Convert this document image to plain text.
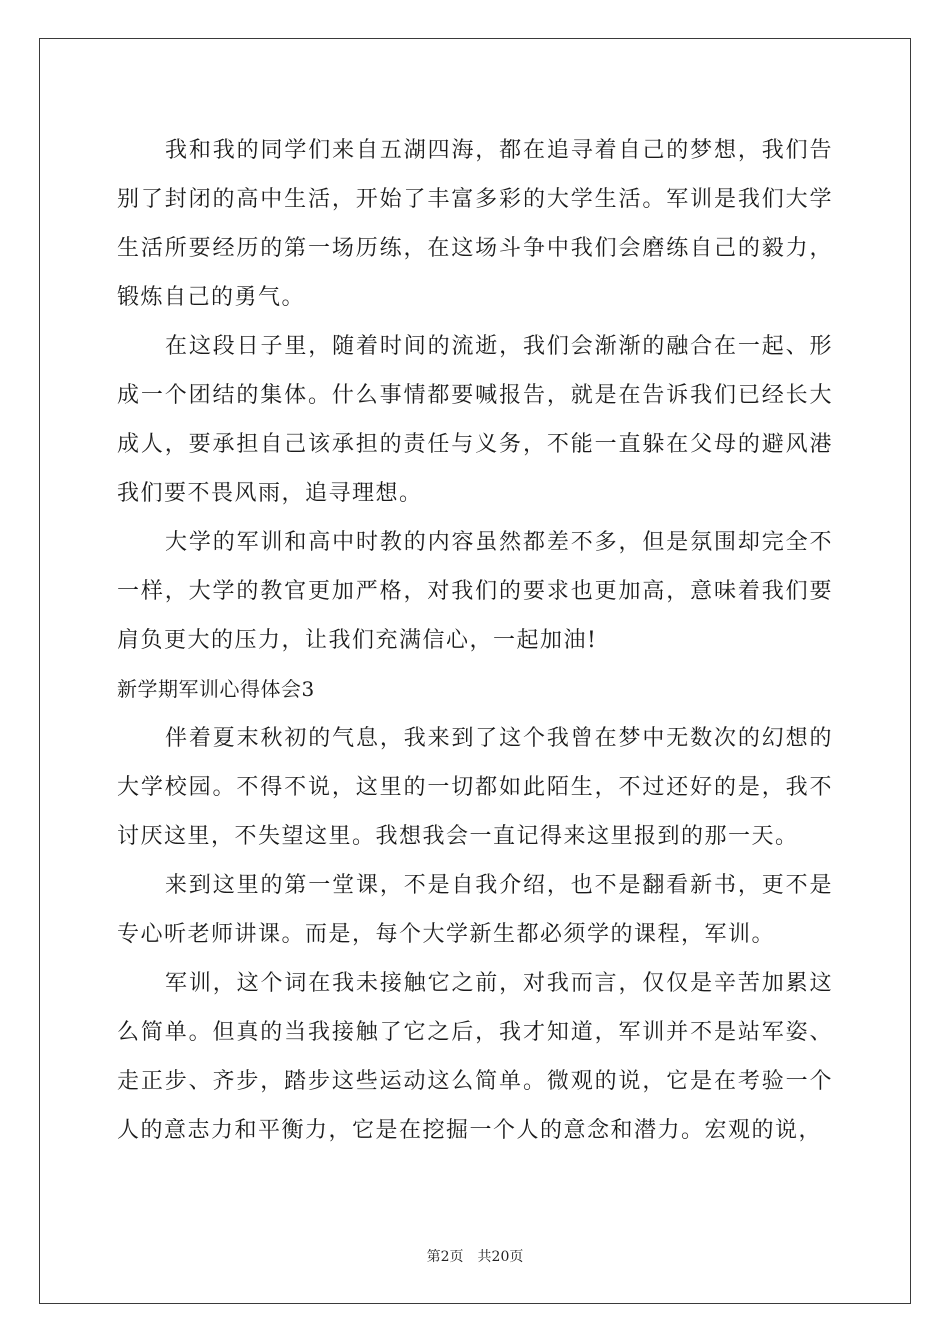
我和我的同学们来自五湖四海，都在追寻着自己的梦想，我们告别了封闭的高中生活，开始了丰富多彩的大学生活。军训是我们大学生活所要经历的第一场历练，在这场斗争中我们会磨练自己的毅力，锻炼自己的勇气。

在这段日子里，随着时间的流逝，我们会渐渐的融合在一起、形成一个团结的集体。什么事情都要喊报告，就是在告诉我们已经长大成人，要承担自己该承担的责任与义务，不能一直躲在父母的避风港我们要不畏风雨，追寻理想。

大学的军训和高中时教的内容虽然都差不多，但是氛围却完全不一样，大学的教官更加严格，对我们的要求也更加高，意味着我们要肩负更大的压力，让我们充满信心，一起加油!

新学期军训心得体会3

伴着夏末秋初的气息，我来到了这个我曾在梦中无数次的幻想的大学校园。不得不说，这里的一切都如此陌生，不过还好的是，我不讨厌这里，不失望这里。我想我会一直记得来这里报到的那一天。

来到这里的第一堂课，不是自我介绍，也不是翻看新书，更不是专心听老师讲课。而是，每个大学新生都必须学的课程，军训。

军训，这个词在我未接触它之前，对我而言，仅仅是辛苦加累这么简单。但真的当我接触了它之后，我才知道，军训并不是站军姿、走正步、齐步，踏步这些运动这么简单。微观的说，它是在考验一个人的意志力和平衡力，它是在挖掘一个人的意念和潜力。宏观的说，

第2页 共20页
